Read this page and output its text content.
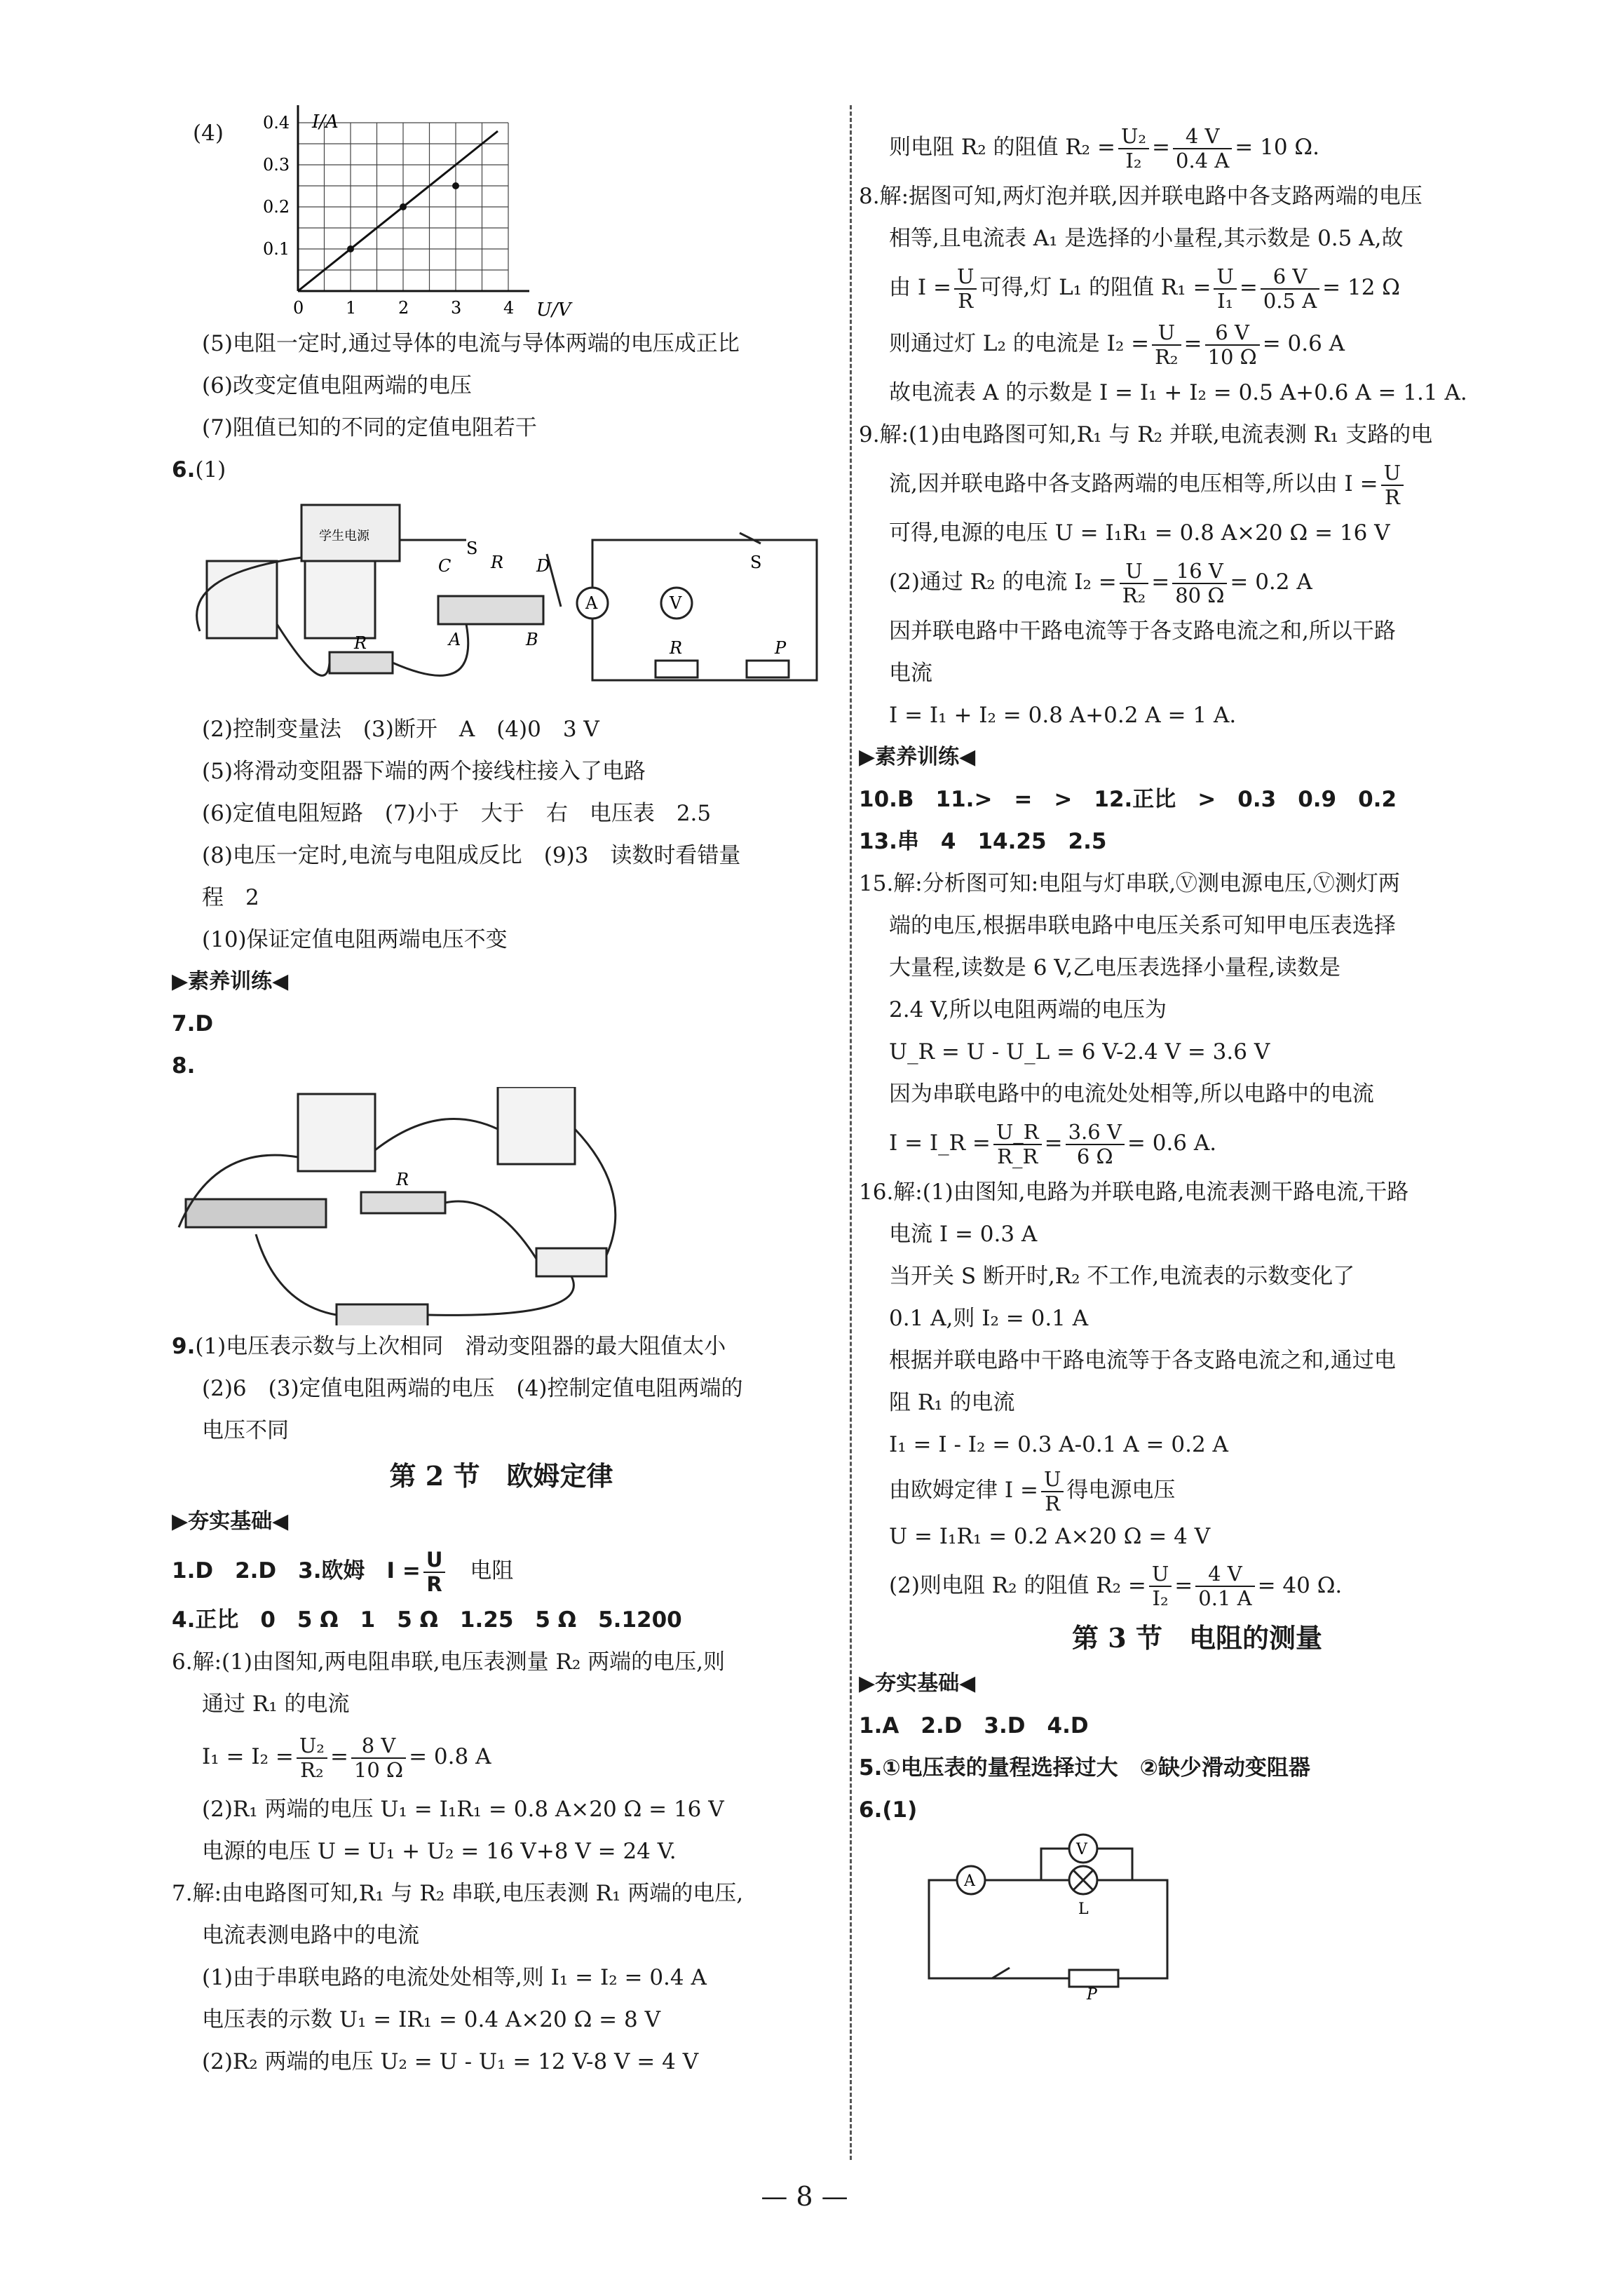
(4)	I/A
U/V
0.4
0.3
0.2
0.1
0 1 2 3 4
(5)电阻一定时,通过导体的电流与导体两端的电压成正比
(6)改变定值电阻两端的电压
(7)阻值已知的不同的定值电阻若干
6.(1)
学生电源
C R D
S
A	B
R
A	V
S
R	P
(2)控制变量法　(3)断开　A　(4)0　3 V
(5)将滑动变阻器下端的两个接线柱接入了电路
(6)定值电阻短路　(7)小于　大于　右　电压表　2.5
(8)电压一定时,电流与电阻成反比　(9)3　读数时看错量
程　2
(10)保证定值电阻两端电压不变
▶素养训练◀
7.D
8.
R
9.(1)电压表示数与上次相同　滑动变阻器的最大阻值太小
(2)6　(3)定值电阻两端的电压　(4)控制定值电阻两端的
电压不同
第 2 节　欧姆定律
▶夯实基础◀
1.D　2.D　3.欧姆　$I = \frac{U}{R}$
　 电阻
4.正比　0　5 Ω　1　5 Ω　1.25　5 Ω　5.1200
6.解:(1)由图知,两电阻串联,电压表测量 R₂ 两端的电压,则
通过 R₁ 的电流
$I_1 = I_2 = \frac{\text{U₂}}{\text{R₂}} = \frac{8 V}{10 \Omega} = 0.8$ A
(2)R₁ 两端的电压 U₁ = I₁R₁ = 0.8 A×20 Ω = 16 V
电源的电压 U = U₁ + U₂ = 16 V+8 V = 24 V.
7.解:由电路图可知,R₁ 与 R₂ 串联,电压表测 R₁ 两端的电压,
电流表测电路中的电流
(1)由于串联电路的电流处处相等,则 I₁ = I₂ = 0.4 A
电压表的示数 U₁ = IR₁ = 0.4 A×20 Ω = 8 V
(2)R₂ 两端的电压 U₂ = U - U₁ = 12 V-8 V = 4 V
则电阻 R₂ 的阻值 $R_2 = \frac{\text{U₂}}{\text{I₂}} = \frac{4 V}{0.4 A} = 10$ Ω.
8.解:据图可知,两灯泡并联,因并联电路中各支路两端的电压
相等,且电流表 A₁ 是选择的小量程,其示数是 0.5 A,故
由 $I = \frac{U}{R}$ 可得,灯 L₁ 的阻值 $R_1 = \frac{U}{\text{I₁}} = \frac{6 V}{0.5 A} = 12$ Ω
则通过灯 L₂ 的电流是 $I_2 = \frac{U}{\text{R₂}} = \frac{6 V}{10 \Omega} = 0.6$ A
故电流表 A 的示数是 I = I₁ + I₂ = 0.5 A+0.6 A = 1.1 A.
9.解:(1)由电路图可知,R₁ 与 R₂ 并联,电流表测 R₁ 支路的电
流,因并联电路中各支路两端的电压相等,所以由 $I = \frac{U}{R}$
可得,电源的电压 U = I₁R₁ = 0.8 A×20 Ω = 16 V
(2)通过 R₂ 的电流 $I_2 = \frac{U}{\text{R₂}} = \frac{16 V}{80 \Omega} = 0.2$ A
因并联电路中干路电流等于各支路电流之和,所以干路
电流
I = I₁ + I₂ = 0.8 A+0.2 A = 1 A.
▶素养训练◀
10.B　11.>　=　>　12.正比　>　0.3　0.9　0.2
13.串　4　14.25　2.5
15.解:分析图可知:电阻与灯串联,Ⓥ测电源电压,Ⓥ测灯两
端的电压,根据串联电路中电压关系可知甲电压表选择
大量程,读数是 6 V,乙电压表选择小量程,读数是
2.4 V,所以电阻两端的电压为
U_R = U - U_L = 6 V-2.4 V = 3.6 V
因为串联电路中的电流处处相等,所以电路中的电流
I = I_R = $\frac{U\_R}{R\_R} = \frac{3.6 V}{6 \Omega} = 0.6$ A.
16.解:(1)由图知,电路为并联电路,电流表测干路电流,干路
电流 I = 0.3 A
当开关 S 断开时,R₂ 不工作,电流表的示数变化了
0.1 A,则 I₂ = 0.1 A
根据并联电路中干路电流等于各支路电流之和,通过电
阻 R₁ 的电流
I₁ = I - I₂ = 0.3 A-0.1 A = 0.2 A
由欧姆定律 $I = \frac{U}{R}$ 得电源电压
U = I₁R₁ = 0.2 A×20 Ω = 4 V
(2)则电阻 R₂ 的阻值 $R_2 = \frac{U}{\text{I₂}} = \frac{4 V}{0.1 A} = 40$ Ω.
第 3 节　电阻的测量
▶夯实基础◀
1.A　2.D　3.D　4.D
5.①电压表的量程选择过大　②缺少滑动变阻器
6.(1)
A
V
L
P
— 8 —
